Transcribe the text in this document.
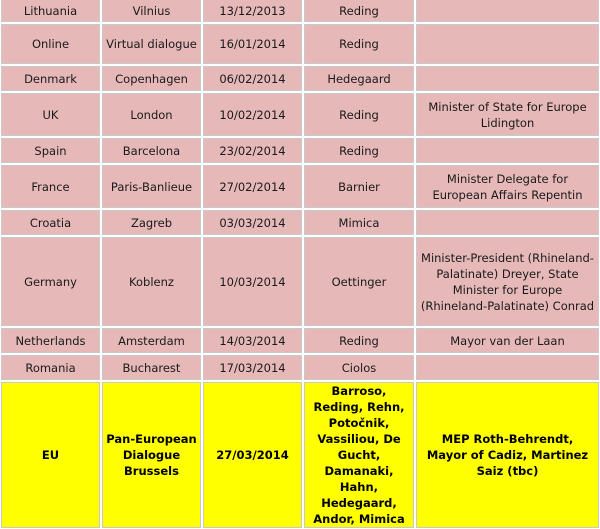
Lithuania	Vilnius	13/12/2013	Reding	
Online	Virtual dialogue	16/01/2014	Reding	
Denmark	Copenhagen	06/02/2014	Hedegaard	
UK	London	10/02/2014	Reding	Minister of State for Europe Lidington
Spain	Barcelona	23/02/2014	Reding	
France	Paris-Banlieue	27/02/2014	Barnier	Minister Delegate for European Affairs Repentin
Croatia	Zagreb	03/03/2014	Mimica	
Germany	Koblenz	10/03/2014	Oettinger	Minister-President (Rhineland-Palatinate) Dreyer, State Minister for Europe (Rhineland-Palatinate) Conrad
Netherlands	Amsterdam	14/03/2014	Reding	Mayor van der Laan
Romania	Bucharest	17/03/2014	Ciolos	
EU	Pan-European Dialogue Brussels	27/03/2014	Barroso, Reding, Rehn, Potočnik, Vassiliou, De Gucht, Damanaki, Hahn, Hedegaard, Andor, Mimica	MEP Roth-Behrendt, Mayor of Cadiz, Martinez Saiz (tbc)
